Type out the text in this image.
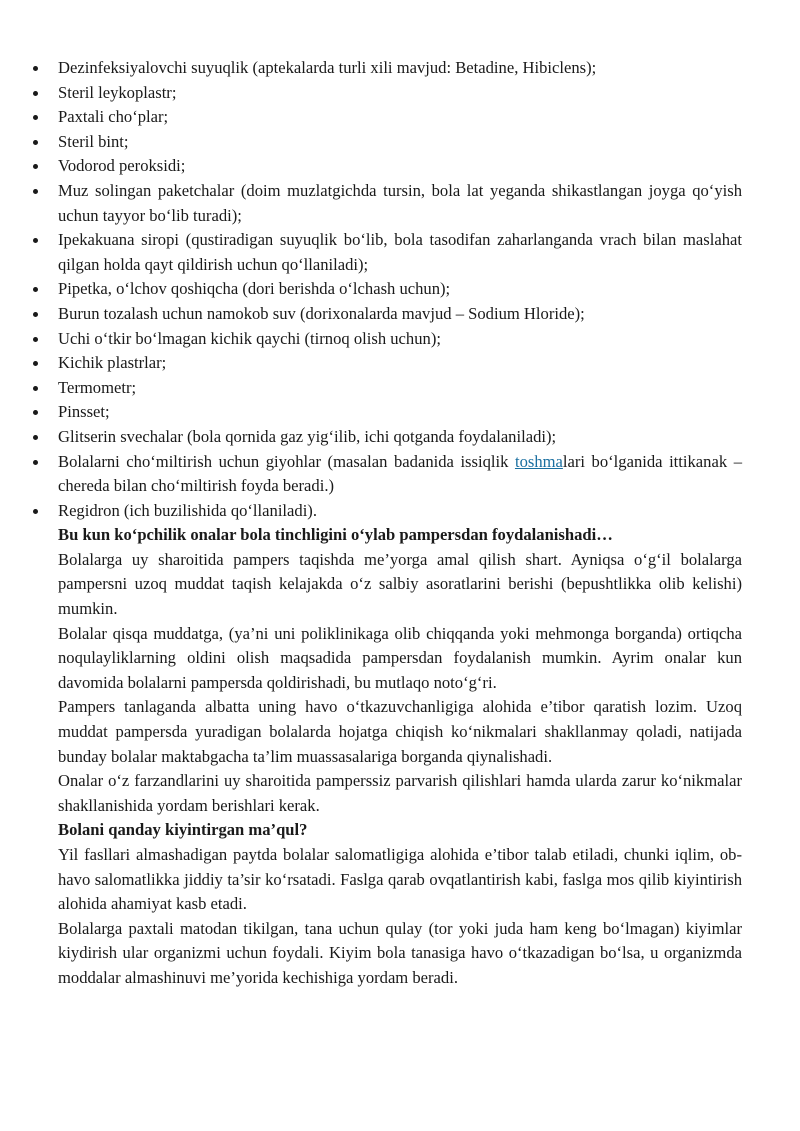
Dezinfeksiyalovchi suyuqlik (aptekalarda turli xili mavjud: Betadine, Hibiclens);
Steril leykoplastr;
Paxtali cho‘plar;
Steril bint;
Vodorod peroksidi;
Muz solingan paketchalar (doim muzlatgichda tursin, bola lat yeganda shikastlangan joyga qo‘yish uchun tayyor bo‘lib turadi);
Ipekakuana siropi (qustiradigan suyuqlik bo‘lib, bola tasodifan zaharlanganda vrach bilan maslahat qilgan holda qayt qildirish uchun qo‘llaniladi);
Pipetka, o‘lchov qoshiqcha (dori berishda o‘lchash uchun);
Burun tozalash uchun namokob suv (dorixonalarda mavjud – Sodium Hloride);
Uchi o‘tkir bo‘lmagan kichik qaychi (tirnoq olish uchun);
Kichik plastrlar;
Termometr;
Pinsset;
Glitserin svechalar (bola qornida gaz yig‘ilib, ichi qotganda foydalaniladi);
Bolalarni cho‘miltirish uchun giyohlar (masalan badanida issiqlik toshmalari bo‘lganida ittikanak – chereda bilan cho‘miltirish foyda beradi.)
Regidron (ich buzilishida qo‘llaniladi).

Bu kun ko‘pchilik onalar bola tinchligini o‘ylab pampersdan foydalanishadi…

Bolalarga uy sharoitida pampers taqishda me’yorga amal qilish shart. Ayniqsa o‘g‘il bolalarga pampersni uzoq muddat taqish kelajakda o‘z salbiy asoratlarini berishi (bepushtlikka olib kelishi) mumkin.

Bolalar qisqa muddatga, (ya’ni uni poliklinikaga olib chiqqanda yoki mehmonga borganda) ortiqcha noqulayliklarning oldini olish maqsadida pampersdan foydalanish mumkin. Ayrim onalar kun davomida bolalarni pampersda qoldirishadi, bu mutlaqo noto‘g‘ri.

Pampers tanlaganda albatta uning havo o‘tkazuvchanligiga alohida e’tibor qaratish lozim. Uzoq muddat pampersda yuradigan bolalarda hojatga chiqish ko‘nikmalari shakllanmay qoladi, natijada bunday bolalar maktabgacha ta’lim muassasalariga borganda qiynalishadi.

Onalar o‘z farzandlarini uy sharoitida pamperssiz parvarish qilishlari hamda ularda zarur ko‘nikmalar shakllanishida yordam berishlari kerak.

Bolani qanday kiyintirgan ma’qul?

Yil fasllari almashadigan paytda bolalar salomatligiga alohida e’tibor talab etiladi, chunki iqlim, ob-havo salomatlikka jiddiy ta’sir ko‘rsatadi. Faslga qarab ovqatlantirish kabi, faslga mos qilib kiyintirish alohida ahamiyat kasb etadi.

Bolalarga paxtali matodan tikilgan, tana uchun qulay (tor yoki juda ham keng bo‘lmagan) kiyimlar kiydirish ular organizmi uchun foydali. Kiyim bola tanasiga havo o‘tkazadigan bo‘lsa, u organizmda moddalar almashinuvi me’yorida kechishiga yordam beradi.
